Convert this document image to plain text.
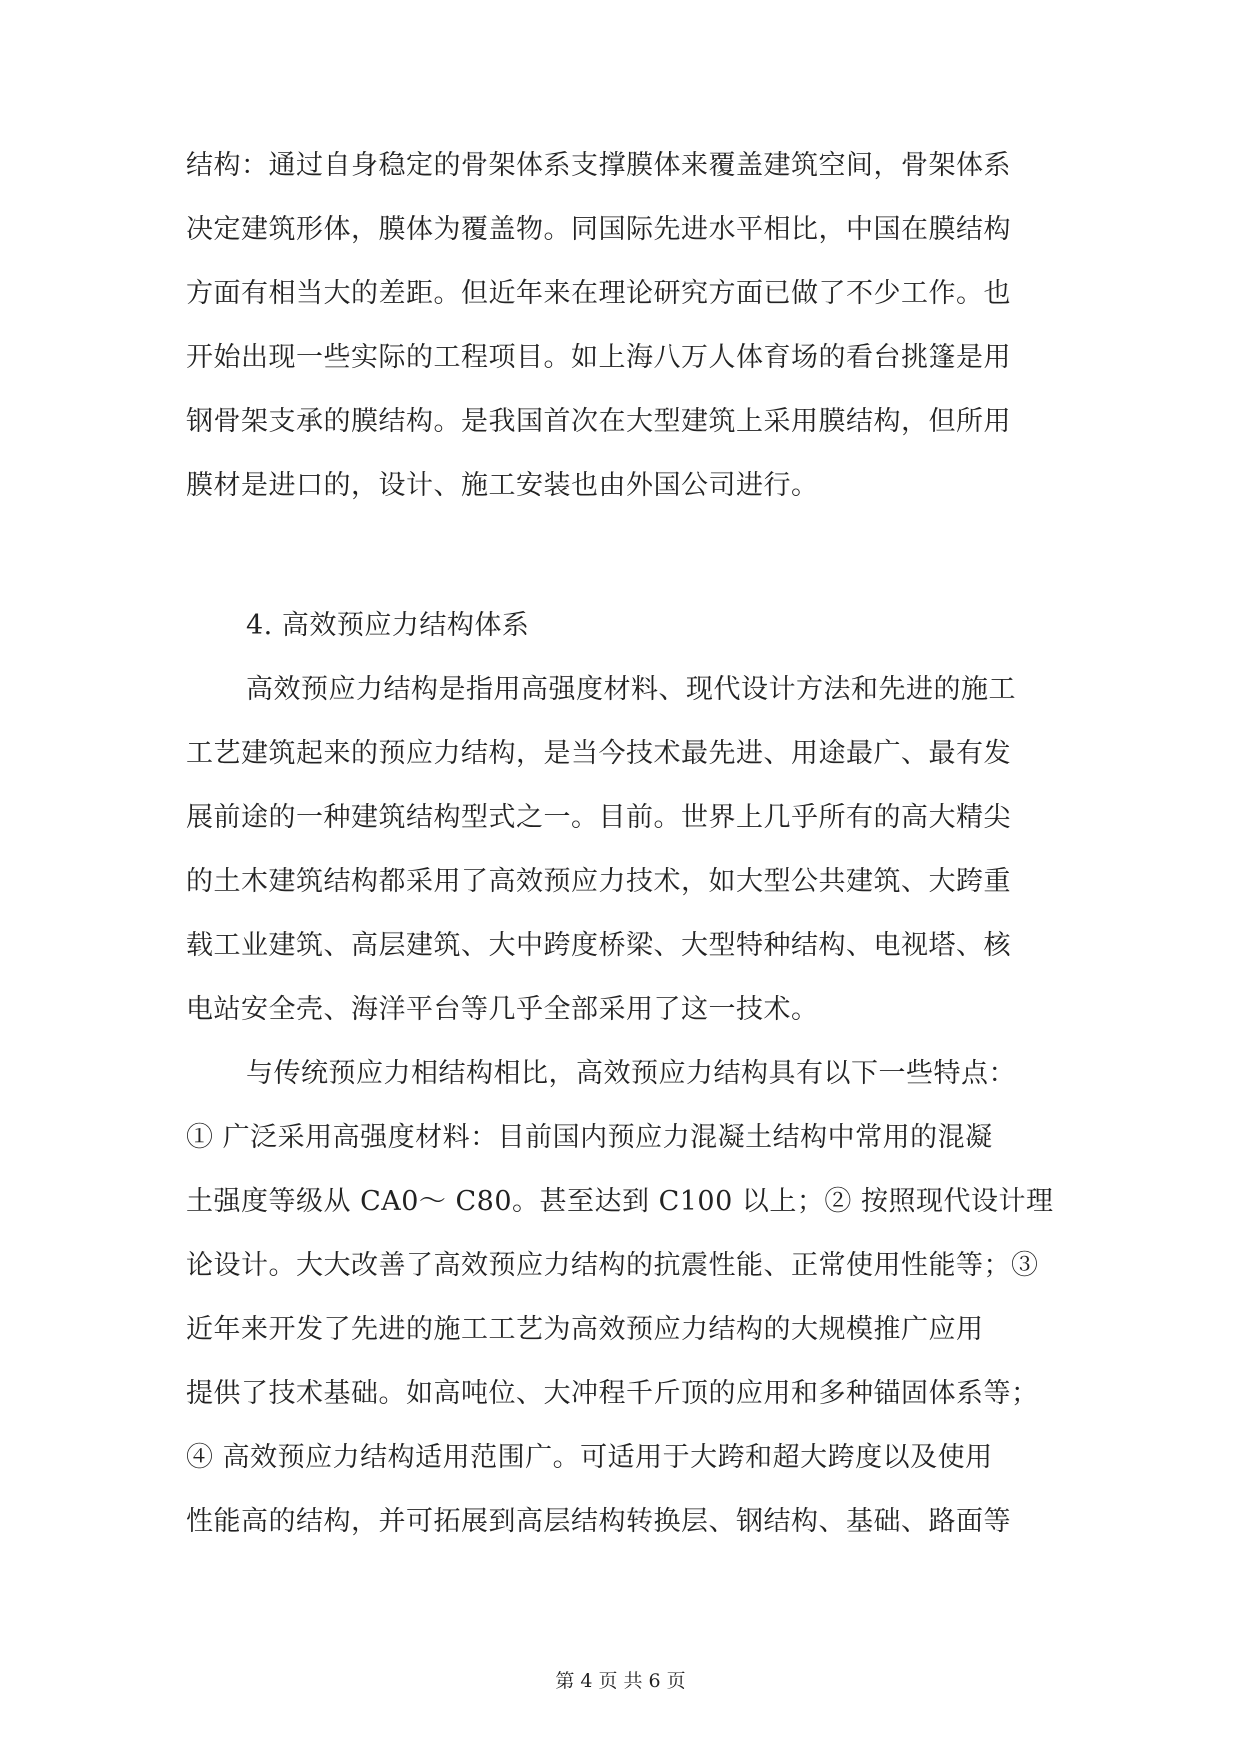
结构：通过自身稳定的骨架体系支撑膜体来覆盖建筑空间，骨架体系
决定建筑形体，膜体为覆盖物。同国际先进水平相比，中国在膜结构
方面有相当大的差距。但近年来在理论研究方面已做了不少工作。也
开始出现一些实际的工程项目。如上海八万人体育场的看台挑篷是用
钢骨架支承的膜结构。是我国首次在大型建筑上采用膜结构，但所用
膜材是进口的，设计、施工安装也由外国公司进行。
4. 高效预应力结构体系
高效预应力结构是指用高强度材料、现代设计方法和先进的施工
工艺建筑起来的预应力结构，是当今技术最先进、用途最广、最有发
展前途的一种建筑结构型式之一。目前。世界上几乎所有的高大精尖
的土木建筑结构都采用了高效预应力技术，如大型公共建筑、大跨重
载工业建筑、高层建筑、大中跨度桥梁、大型特种结构、电视塔、核
电站安全壳、海洋平台等几乎全部采用了这一技术。
与传统预应力相结构相比，高效预应力结构具有以下一些特点：
① 广泛采用高强度材料：目前国内预应力混凝土结构中常用的混凝
土强度等级从 CA0～ C80。甚至达到 C100 以上；② 按照现代设计理
论设计。大大改善了高效预应力结构的抗震性能、正常使用性能等；③
近年来开发了先进的施工工艺为高效预应力结构的大规模推广应用
提供了技术基础。如高吨位、大冲程千斤顶的应用和多种锚固体系等；
④ 高效预应力结构适用范围广。可适用于大跨和超大跨度以及使用
性能高的结构，并可拓展到高层结构转换层、钢结构、基础、路面等
第 4 页 共 6 页
